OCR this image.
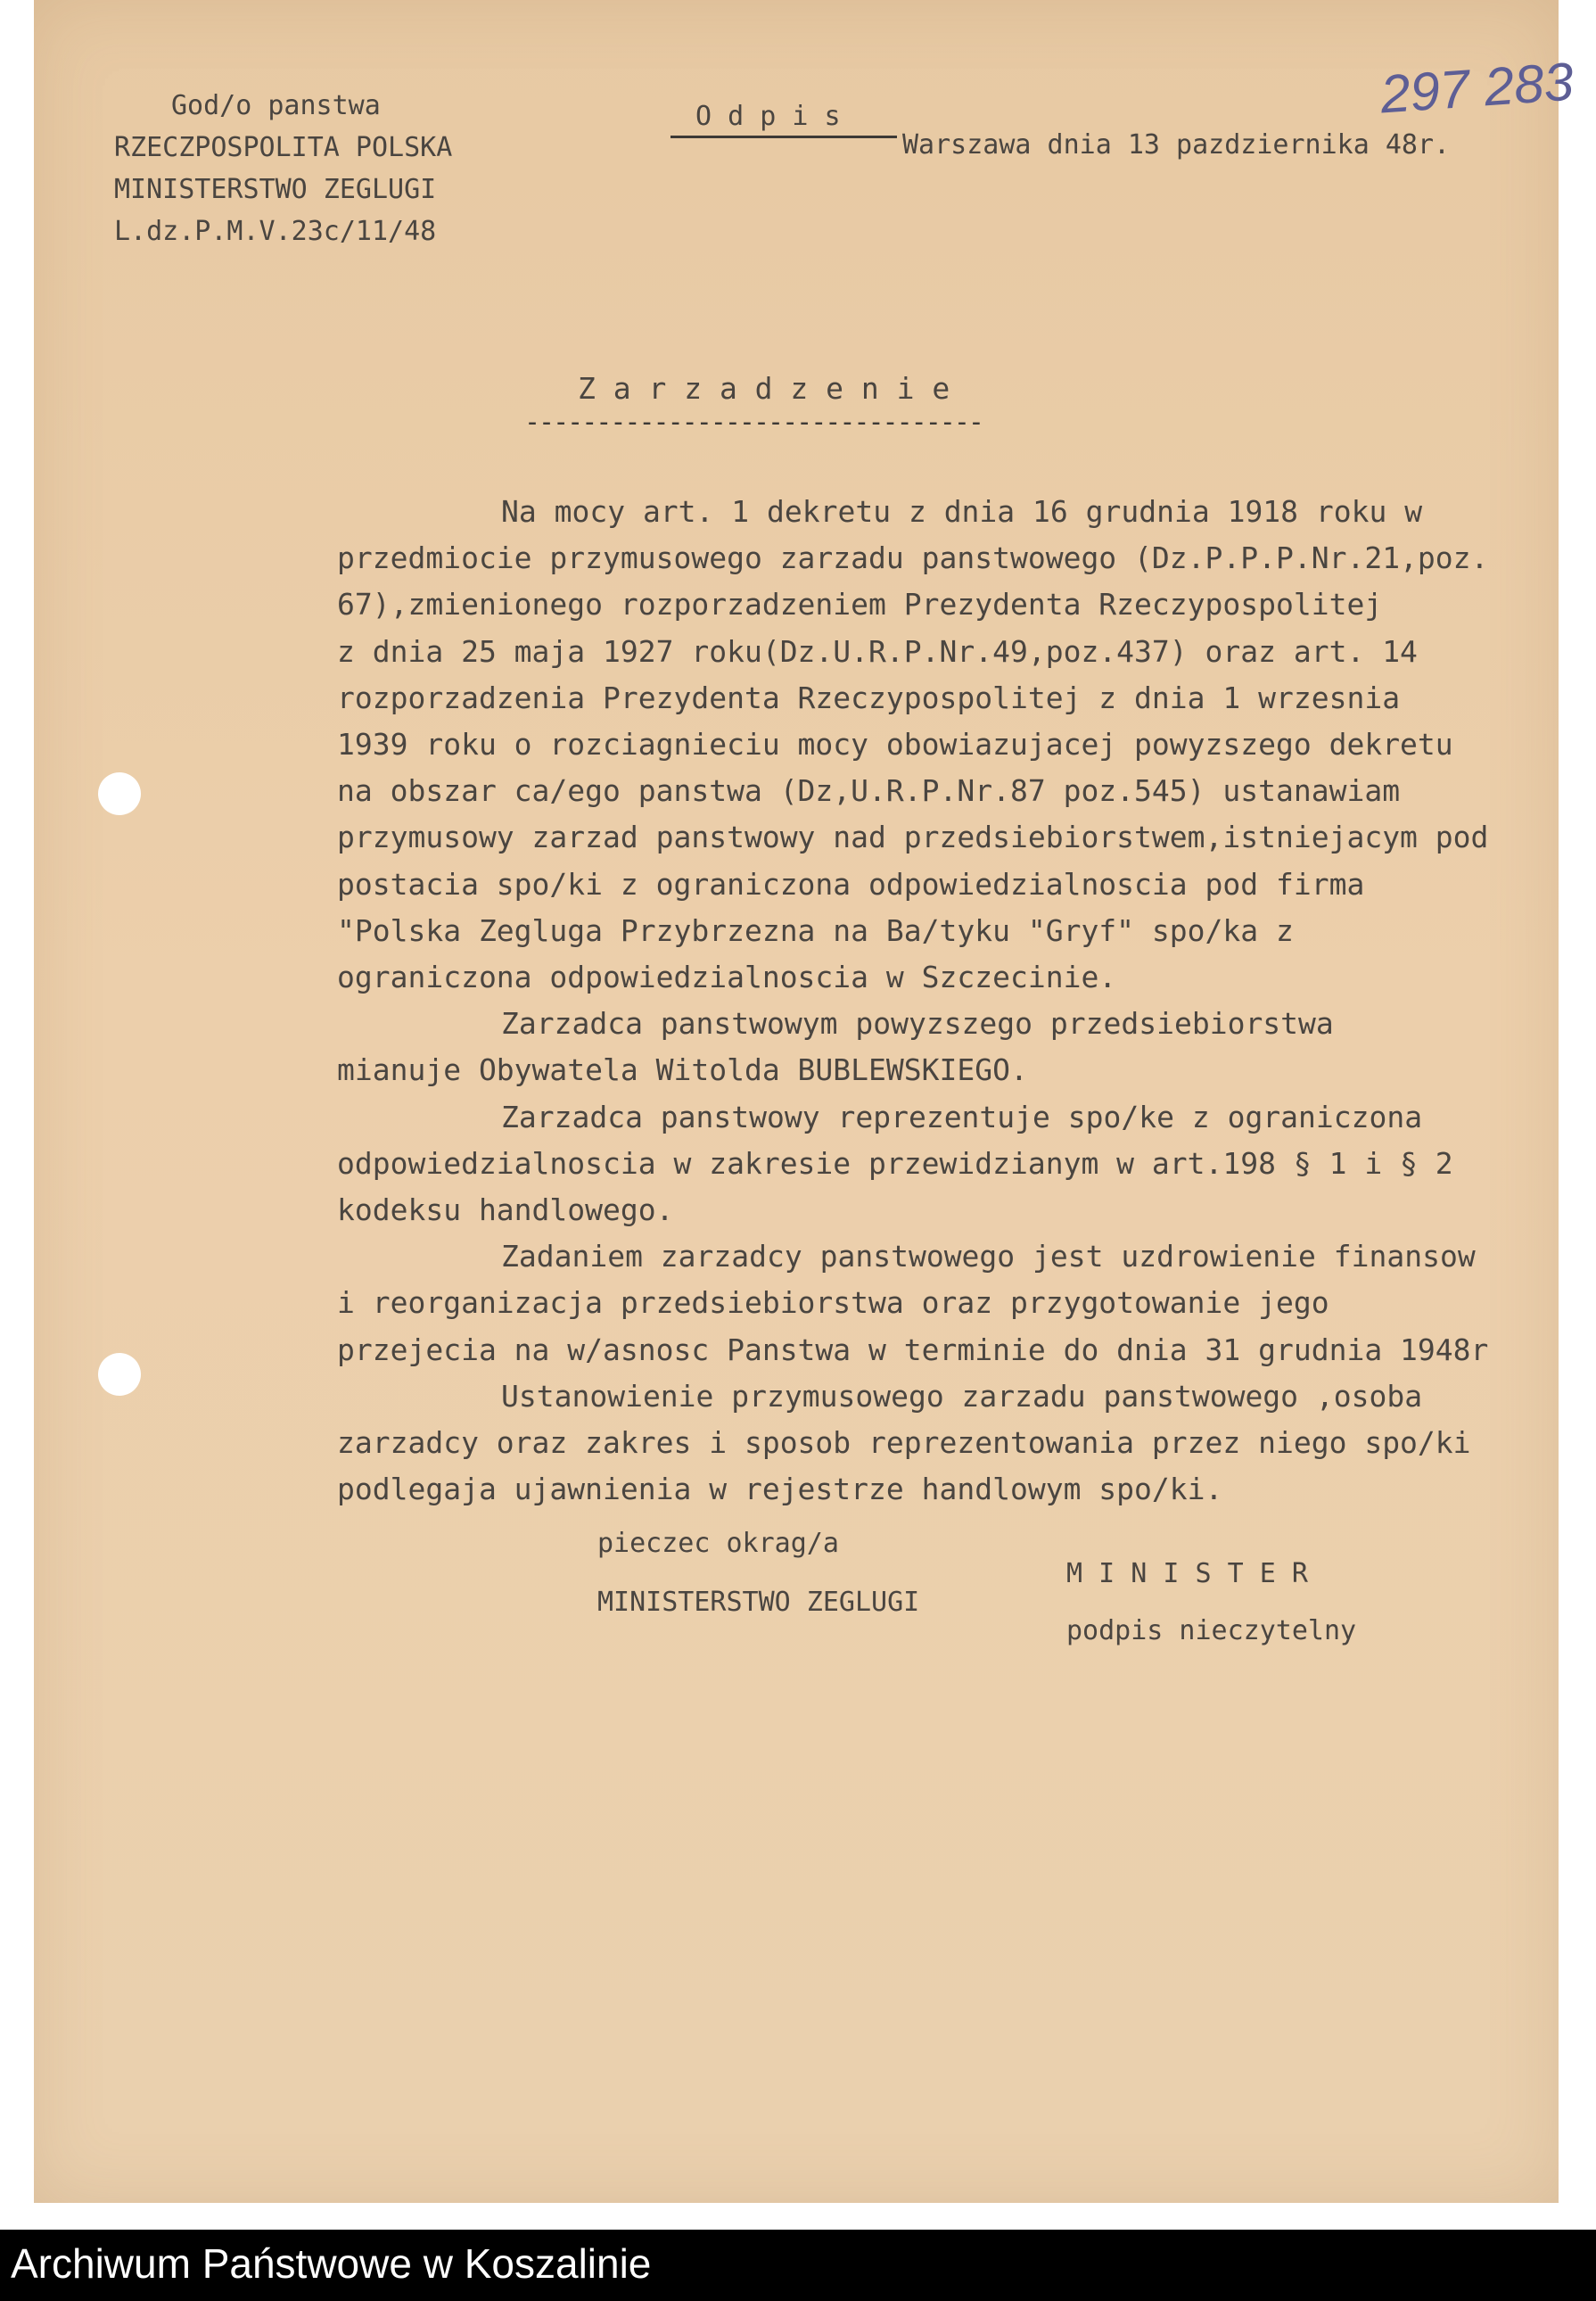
God/o panstwa
RZECZPOSPOLITA POLSKA
MINISTERSTWO ZEGLUGI
L.dz.P.M.V.23c/11/48
O d p i s
Warszawa dnia 13 pazdziernika 48r.
297 283
Z a r z a d z e n i e
--------------------------------
Na mocy art. 1 dekretu z dnia 16 grudnia 1918 roku w
przedmiocie przymusowego zarzadu panstwowego (Dz.P.P.P.Nr.21,poz.
67),zmienionego rozporzadzeniem Prezydenta Rzeczypospolitej
z dnia 25 maja 1927 roku(Dz.U.R.P.Nr.49,poz.437) oraz art. 14
rozporzadzenia Prezydenta Rzeczypospolitej z dnia 1 wrzesnia
1939 roku o rozciagnieciu mocy obowiazujacej powyzszego dekretu
na obszar ca/ego panstwa (Dz,U.R.P.Nr.87 poz.545) ustanawiam
przymusowy zarzad panstwowy nad przedsiebiorstwem,istniejacym pod
postacia spo/ki z ograniczona odpowiedzialnoscia pod firma
"Polska Zegluga Przybrzezna na Ba/tyku "Gryf" spo/ka z
ograniczona odpowiedzialnoscia w Szczecinie.
Zarzadca panstwowym powyzszego przedsiebiorstwa
mianuje Obywatela Witolda BUBLEWSKIEGO.
Zarzadca panstwowy reprezentuje spo/ke z ograniczona
odpowiedzialnoscia w zakresie przewidzianym w art.198 § 1 i § 2
kodeksu handlowego.
Zadaniem zarzadcy panstwowego jest uzdrowienie finansow
i reorganizacja przedsiebiorstwa oraz przygotowanie jego
przejecia na w/asnosc Panstwa w terminie do dnia 31 grudnia 1948r
Ustanowienie przymusowego zarzadu panstwowego ,osoba
zarzadcy oraz zakres i sposob reprezentowania przez niego spo/ki
podlegaja ujawnienia w rejestrze handlowym spo/ki.
pieczec okrag/a
MINISTERSTWO ZEGLUGI
M I N I S T E R
podpis nieczytelny
Archiwum Państwowe w Koszalinie
